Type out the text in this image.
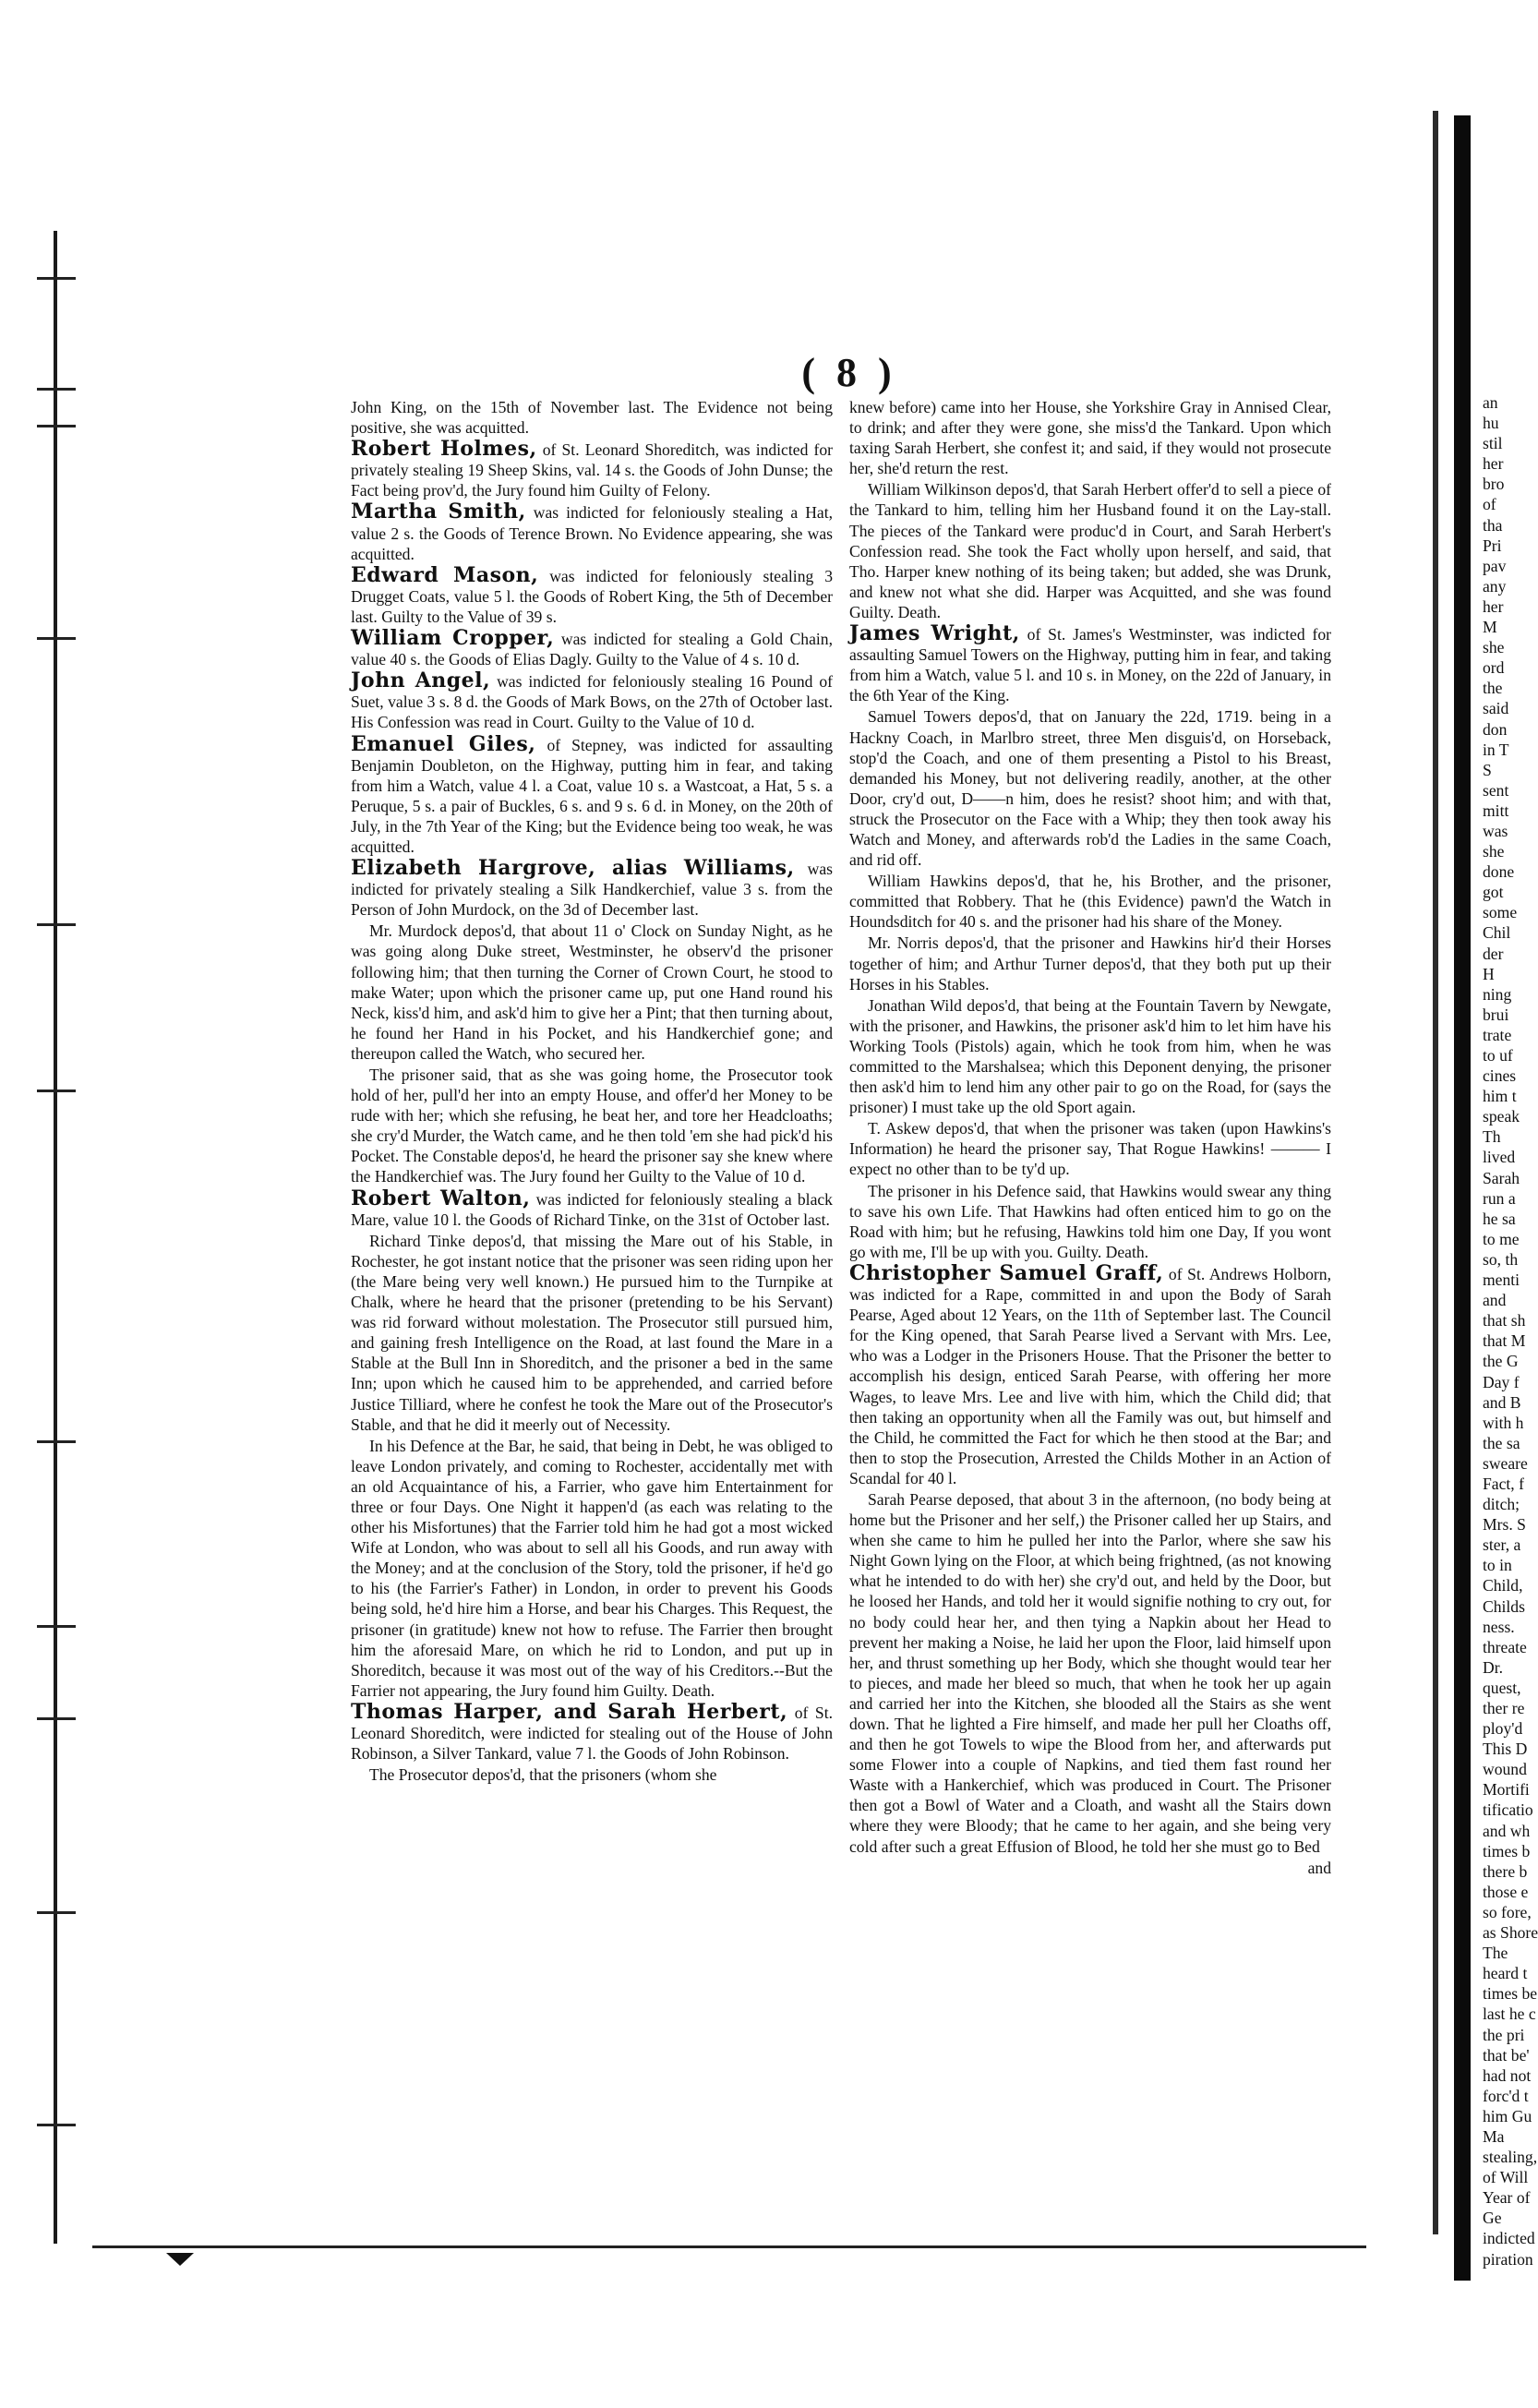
( 8 )

John King, on the 15th of November last. The Evidence not being positive, she was acquitted.

Robert Holmes, of St. Leonard Shoreditch, was indicted for privately stealing 19 Sheep Skins, val. 14 s. the Goods of John Dunse; the Fact being prov'd, the Jury found him Guilty of Felony.

Martha Smith, was indicted for feloniously stealing a Hat, value 2 s. the Goods of Terence Brown. No Evidence appearing, she was acquitted.

Edward Mason, was indicted for feloniously stealing 3 Drugget Coats, value 5 l. the Goods of Robert King, the 5th of December last. Guilty to the Value of 39 s.

William Cropper, was indicted for stealing a Gold Chain, value 40 s. the Goods of Elias Dagly. Guilty to the Value of 4 s. 10 d.

John Angel, was indicted for feloniously stealing 16 Pound of Suet, value 3 s. 8 d. the Goods of Mark Bows, on the 27th of October last. His Confession was read in Court. Guilty to the Value of 10 d.

Emanuel Giles, of Stepney, was indicted for assaulting Benjamin Doubleton, on the Highway, putting him in fear, and taking from him a Watch, value 4 l. a Coat, value 10 s. a Wastcoat, a Hat, 5 s. a Peruque, 5 s. a pair of Buckles, 6 s. and 9 s. 6 d. in Money, on the 20th of July, in the 7th Year of the King; but the Evidence being too weak, he was acquitted.

Elizabeth Hargrove, alias Williams, was indicted for privately stealing a Silk Handkerchief, value 3 s. from the Person of John Murdock, on the 3d of December last.

Mr. Murdock depos'd, that about 11 o' Clock on Sunday Night, as he was going along Duke street, Westminster, he observ'd the prisoner following him; that then turning the Corner of Crown Court, he stood to make Water; upon which the prisoner came up, put one Hand round his Neck, kiss'd him, and ask'd him to give her a Pint; that then turning about, he found her Hand in his Pocket, and his Handkerchief gone; and thereupon called the Watch, who secured her.

The prisoner said, that as she was going home, the Prosecutor took hold of her, pull'd her into an empty House, and offer'd her Money to be rude with her; which she refusing, he beat her, and tore her Headcloaths; she cry'd Murder, the Watch came, and he then told 'em she had pick'd his Pocket. The Constable depos'd, he heard the prisoner say she knew where the Handkerchief was. The Jury found her Guilty to the Value of 10 d.

Robert Walton, was indicted for feloniously stealing a black Mare, value 10 l. the Goods of Richard Tinke, on the 31st of October last.

Richard Tinke depos'd, that missing the Mare out of his Stable, in Rochester, he got instant notice that the prisoner was seen riding upon her (the Mare being very well known.) He pursued him to the Turnpike at Chalk, where he heard that the prisoner (pretending to be his Servant) was rid forward without molestation. The Prosecutor still pursued him, and gaining fresh Intelligence on the Road, at last found the Mare in a Stable at the Bull Inn in Shoreditch, and the prisoner a bed in the same Inn; upon which he caused him to be apprehended, and carried before Justice Tilliard, where he confest he took the Mare out of the Prosecutor's Stable, and that he did it meerly out of Necessity.

In his Defence at the Bar, he said, that being in Debt, he was obliged to leave London privately, and coming to Rochester, accidentally met with an old Acquaintance of his, a Farrier, who gave him Entertainment for three or four Days. One Night it happen'd (as each was relating to the other his Misfortunes) that the Farrier told him he had got a most wicked Wife at London, who was about to sell all his Goods, and run away with the Money; and at the conclusion of the Story, told the prisoner, if he'd go to his (the Farrier's Father) in London, in order to prevent his Goods being sold, he'd hire him a Horse, and bear his Charges. This Request, the prisoner (in gratitude) knew not how to refuse. The Farrier then brought him the aforesaid Mare, on which he rid to London, and put up in Shoreditch, because it was most out of the way of his Creditors.--But the Farrier not appearing, the Jury found him Guilty. Death.

Thomas Harper, and Sarah Herbert, of St. Leonard Shoreditch, were indicted for stealing out of the House of John Robinson, a Silver Tankard, value 7 l. the Goods of John Robinson.

The Prosecutor depos'd, that the prisoners (whom she

knew before) came into her House, she Yorkshire Gray in Annised Clear, to drink; and after they were gone, she miss'd the Tankard. Upon which taxing Sarah Herbert, she confest it; and said, if they would not prosecute her, she'd return the rest.

William Wilkinson depos'd, that Sarah Herbert offer'd to sell a piece of the Tankard to him, telling him her Husband found it on the Lay-stall. The pieces of the Tankard were produc'd in Court, and Sarah Herbert's Confession read. She took the Fact wholly upon herself, and said, that Tho. Harper knew nothing of its being taken; but added, she was Drunk, and knew not what she did. Harper was Acquitted, and she was found Guilty. Death.

James Wright, of St. James's Westminster, was indicted for assaulting Samuel Towers on the Highway, putting him in fear, and taking from him a Watch, value 5 l. and 10 s. in Money, on the 22d of January, in the 6th Year of the King.

Samuel Towers depos'd, that on January the 22d, 1719. being in a Hackny Coach, in Marlbro street, three Men disguis'd, on Horseback, stop'd the Coach, and one of them presenting a Pistol to his Breast, demanded his Money, but not delivering readily, another, at the other Door, cry'd out, D——n him, does he resist? shoot him; and with that, struck the Prosecutor on the Face with a Whip; they then took away his Watch and Money, and afterwards rob'd the Ladies in the same Coach, and rid off.

William Hawkins depos'd, that he, his Brother, and the prisoner, committed that Robbery. That he (this Evidence) pawn'd the Watch in Houndsditch for 40 s. and the prisoner had his share of the Money.

Mr. Norris depos'd, that the prisoner and Hawkins hir'd their Horses together of him; and Arthur Turner depos'd, that they both put up their Horses in his Stables.

Jonathan Wild depos'd, that being at the Fountain Tavern by Newgate, with the prisoner, and Hawkins, the prisoner ask'd him to let him have his Working Tools (Pistols) again, which he took from him, when he was committed to the Marshalsea; which this Deponent denying, the prisoner then ask'd him to lend him any other pair to go on the Road, for (says the prisoner) I must take up the old Sport again.

T. Askew depos'd, that when the prisoner was taken (upon Hawkins's Information) he heard the prisoner say, That Rogue Hawkins! ——— I expect no other than to be ty'd up.

The prisoner in his Defence said, that Hawkins would swear any thing to save his own Life. That Hawkins had often enticed him to go on the Road with him; but he refusing, Hawkins told him one Day, If you wont go with me, I'll be up with you. Guilty. Death.

Christopher Samuel Graff, of St. Andrews Holborn, was indicted for a Rape, committed in and upon the Body of Sarah Pearse, Aged about 12 Years, on the 11th of September last. The Council for the King opened, that Sarah Pearse lived a Servant with Mrs. Lee, who was a Lodger in the Prisoners House. That the Prisoner the better to accomplish his design, enticed Sarah Pearse, with offering her more Wages, to leave Mrs. Lee and live with him, which the Child did; that then taking an opportunity when all the Family was out, but himself and the Child, he committed the Fact for which he then stood at the Bar; and then to stop the Prosecution, Arrested the Childs Mother in an Action of Scandal for 40 l.

Sarah Pearse deposed, that about 3 in the afternoon, (no body being at home but the Prisoner and her self,) the Prisoner called her up Stairs, and when she came to him he pulled her into the Parlor, where she saw his Night Gown lying on the Floor, at which being frightned, (as not knowing what he intended to do with her) she cry'd out, and held by the Door, but he loosed her Hands, and told her it would signifie nothing to cry out, for no body could hear her, and then tying a Napkin about her Head to prevent her making a Noise, he laid her upon the Floor, laid himself upon her, and thrust something up her Body, which she thought would tear her to pieces, and made her bleed so much, that when he took her up again and carried her into the Kitchen, she blooded all the Stairs as she went down. That he lighted a Fire himself, and made her pull her Cloaths off, and then he got Towels to wipe the Blood from her, and afterwards put some Flower into a couple of Napkins, and tied them fast round her Waste with a Hankerchief, which was produced in Court. The Prisoner then got a Bowl of Water and a Cloath, and washt all the Stairs down where they were Bloody; that he came to her again, and she being very cold after such a great Effusion of Blood, he told her she must go to Bed

and

an
hu
stil
her
bro
of
tha
Pri
pav
any
her
M
she
ord
the
said
don
in T
S
sent
mitt
was
she
done
got
some
Chil
der
H
ning
brui
trate
to uf
cines
him t
speak
Th
lived
Sarah
run a
he sa
to me
so, th
menti
and
that sh
that M
the G
Day f
and B
with h
the sa
sweare
Fact, f
ditch;
Mrs. S
ster, a
to in
Child,
Childs
ness.
threate
Dr.
quest,
ther re
ploy'd
This D
wound
Mortifi
tificatio
and wh
times b
there b
those e
so fore,
as Shore
The
heard t
times be
last he c
the pri
that be'
had not
forc'd t
him Gu
Ma
stealing,
of Will
Year of
Ge
indicted
piration
